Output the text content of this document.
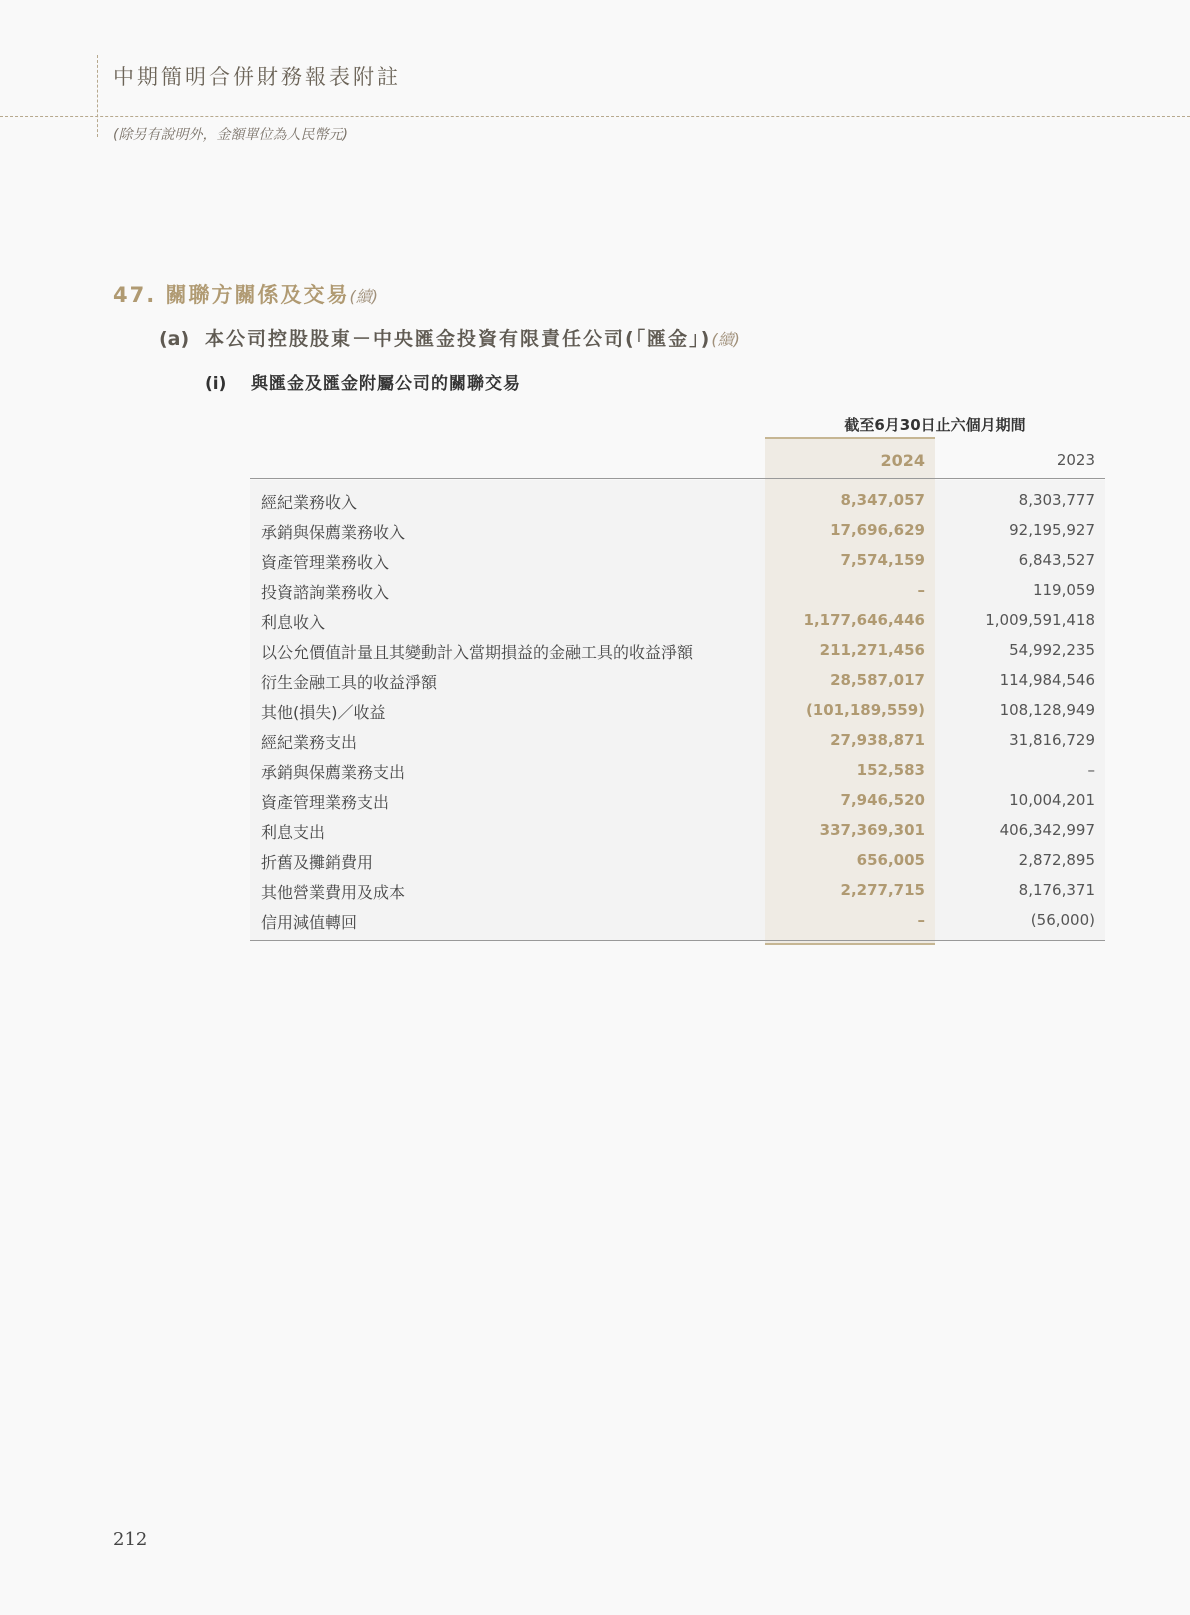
中期簡明合併財務報表附註
(除另有說明外，金額單位為人民幣元)
47. 關聯方關係及交易(續)
(a) 本公司控股股東－中央匯金投資有限責任公司(「匯金」)(續)
(i) 與匯金及匯金附屬公司的關聯交易
截至6月30日止六個月期間
2024	2023
經紀業務收入	8,347,057	8,303,777
承銷與保薦業務收入	17,696,629	92,195,927
資產管理業務收入	7,574,159	6,843,527
投資諮詢業務收入	–	119,059
利息收入	1,177,646,446	1,009,591,418
以公允價值計量且其變動計入當期損益的金融工具的收益淨額	211,271,456	54,992,235
衍生金融工具的收益淨額	28,587,017	114,984,546
其他(損失)／收益	(101,189,559)	108,128,949
經紀業務支出	27,938,871	31,816,729
承銷與保薦業務支出	152,583	–
資產管理業務支出	7,946,520	10,004,201
利息支出	337,369,301	406,342,997
折舊及攤銷費用	656,005	2,872,895
其他營業費用及成本	2,277,715	8,176,371
信用減值轉回	–	(56,000)
212
